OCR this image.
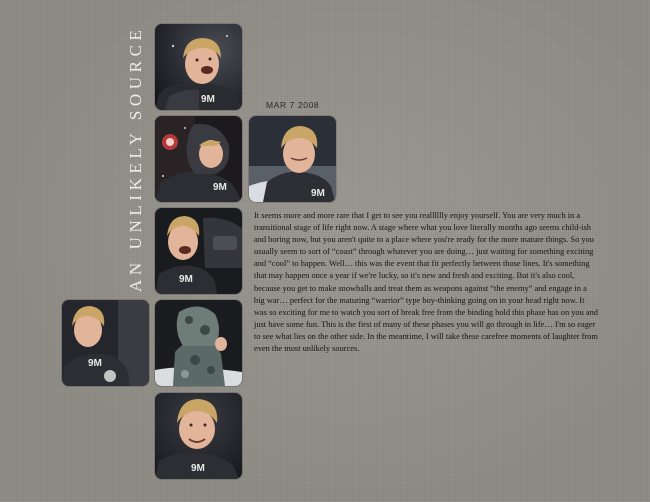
AN UNLIKELY SOURCE	MAR 7 2008

It seems more and more rare that I get to see you realllllly enjoy yourself. You are very much in a transitional stage of life right now. A stage where what you love literally months ago seems child-ish and boring now, but you aren't quite to a place where you're ready for the more mature things. So you usually seem to sort of “coast” through whatever you are doing… just waiting for something exciting and “cool” to happen. Well… this was the event that fit perfectly between those lines. It's something that may happen once a year if we're lucky, so it's new and fresh and exciting. But it's also cool, because you get to make snowballs and treat them as weapons against “the enemy” and engage in a big war… perfect for the maturing “warrior” type boy-thinking going on in your head right now. It was so exciting for me to watch you sort of break free from the binding hold this phase has on you and just have some fun. This is the first of many of these phases you will go through in life… I'm so eager to see what lies on the other side. In the meantime, I will take these carefree moments of laughter from even the most unlikely sources.

9M
9M
9M
9M
9M
9M
